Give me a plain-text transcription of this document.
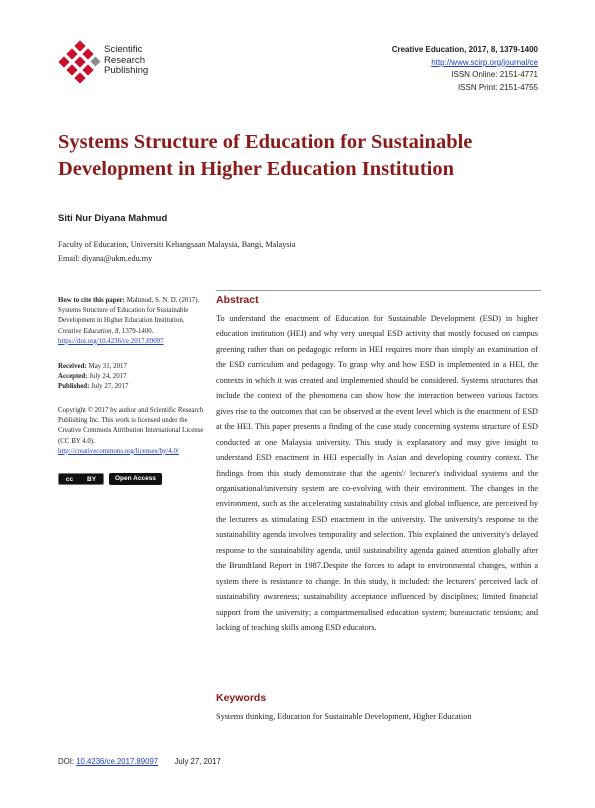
Scientific
Research
Publishing
Creative Education, 2017, 8, 1379-1400
http://www.scirp.org/journal/ce
ISSN Online: 2151-4771
ISSN Print: 2151-4755
Systems Structure of Education for Sustainable Development in Higher Education Institution
Siti Nur Diyana Mahmud
Faculty of Education, Universiti Kebangsaan Malaysia, Bangi, Malaysia
Email: diyana@ukm.edu.my
How to cite this paper: Mahmud, S. N. D. (2017). Systems Structure of Education for Sustainable Development in Higher Education Institution. Creative Education, 8, 1379-1400. https://doi.org/10.4236/ce.2017.89097
Received: May 31, 2017
Accepted: July 24, 2017
Published: July 27, 2017
Copyright © 2017 by author and Scientific Research Publishing Inc. This work is licensed under the Creative Commons Attribution International License (CC BY 4.0).
http://creativecommons.org/licenses/by/4.0/
cc BY	Open Access
Abstract
To understand the enactment of Education for Sustainable Development (ESD) in higher education institution (HEI) and why very unequal ESD activity that mostly focused on campus greening rather than on pedagogic reform in HEI requires more than simply an examination of the ESD curriculum and pedagogy. To grasp why and how ESD is implemented in a HEI, the contexts in which it was created and implemented should be considered. Systems structures that include the context of the phenomena can show how the interaction between various factors gives rise to the outcomes that can be observed at the event level which is the enactment of ESD at the HEI. This paper presents a finding of the case study concerning systems structure of ESD conducted at one Malaysia university. This study is explanatory and may give insight to understand ESD enactment in HEI especially in Asian and developing country context. The findings from this study demonstrate that the agents'/ lecturer's individual systems and the organisational/university system are co-evolving with their environment. The changes in the environment, such as the accelerating sustainability crisis and global influence, are perceived by the lecturers as stimulating ESD enactment in the university. The university's response to the sustainability agenda involves temporality and selection. This explained the university's delayed response to the sustainability agenda, until sustainability agenda gained attention globally after the Brundtland Report in 1987.Despite the forces to adapt to environmental changes, within a system there is resistance to change. In this study, it included: the lecturers' perceived lack of sustainability awareness; sustainability acceptance influenced by disciplines; limited financial support from the university; a compartmentalised education system; bureaucratic tensions; and lacking of teaching skills among ESD educators.
Keywords
Systems thinking, Education for Sustainable Development, Higher Education
DOI: 10.4236/ce.2017.89097 July 27, 2017
